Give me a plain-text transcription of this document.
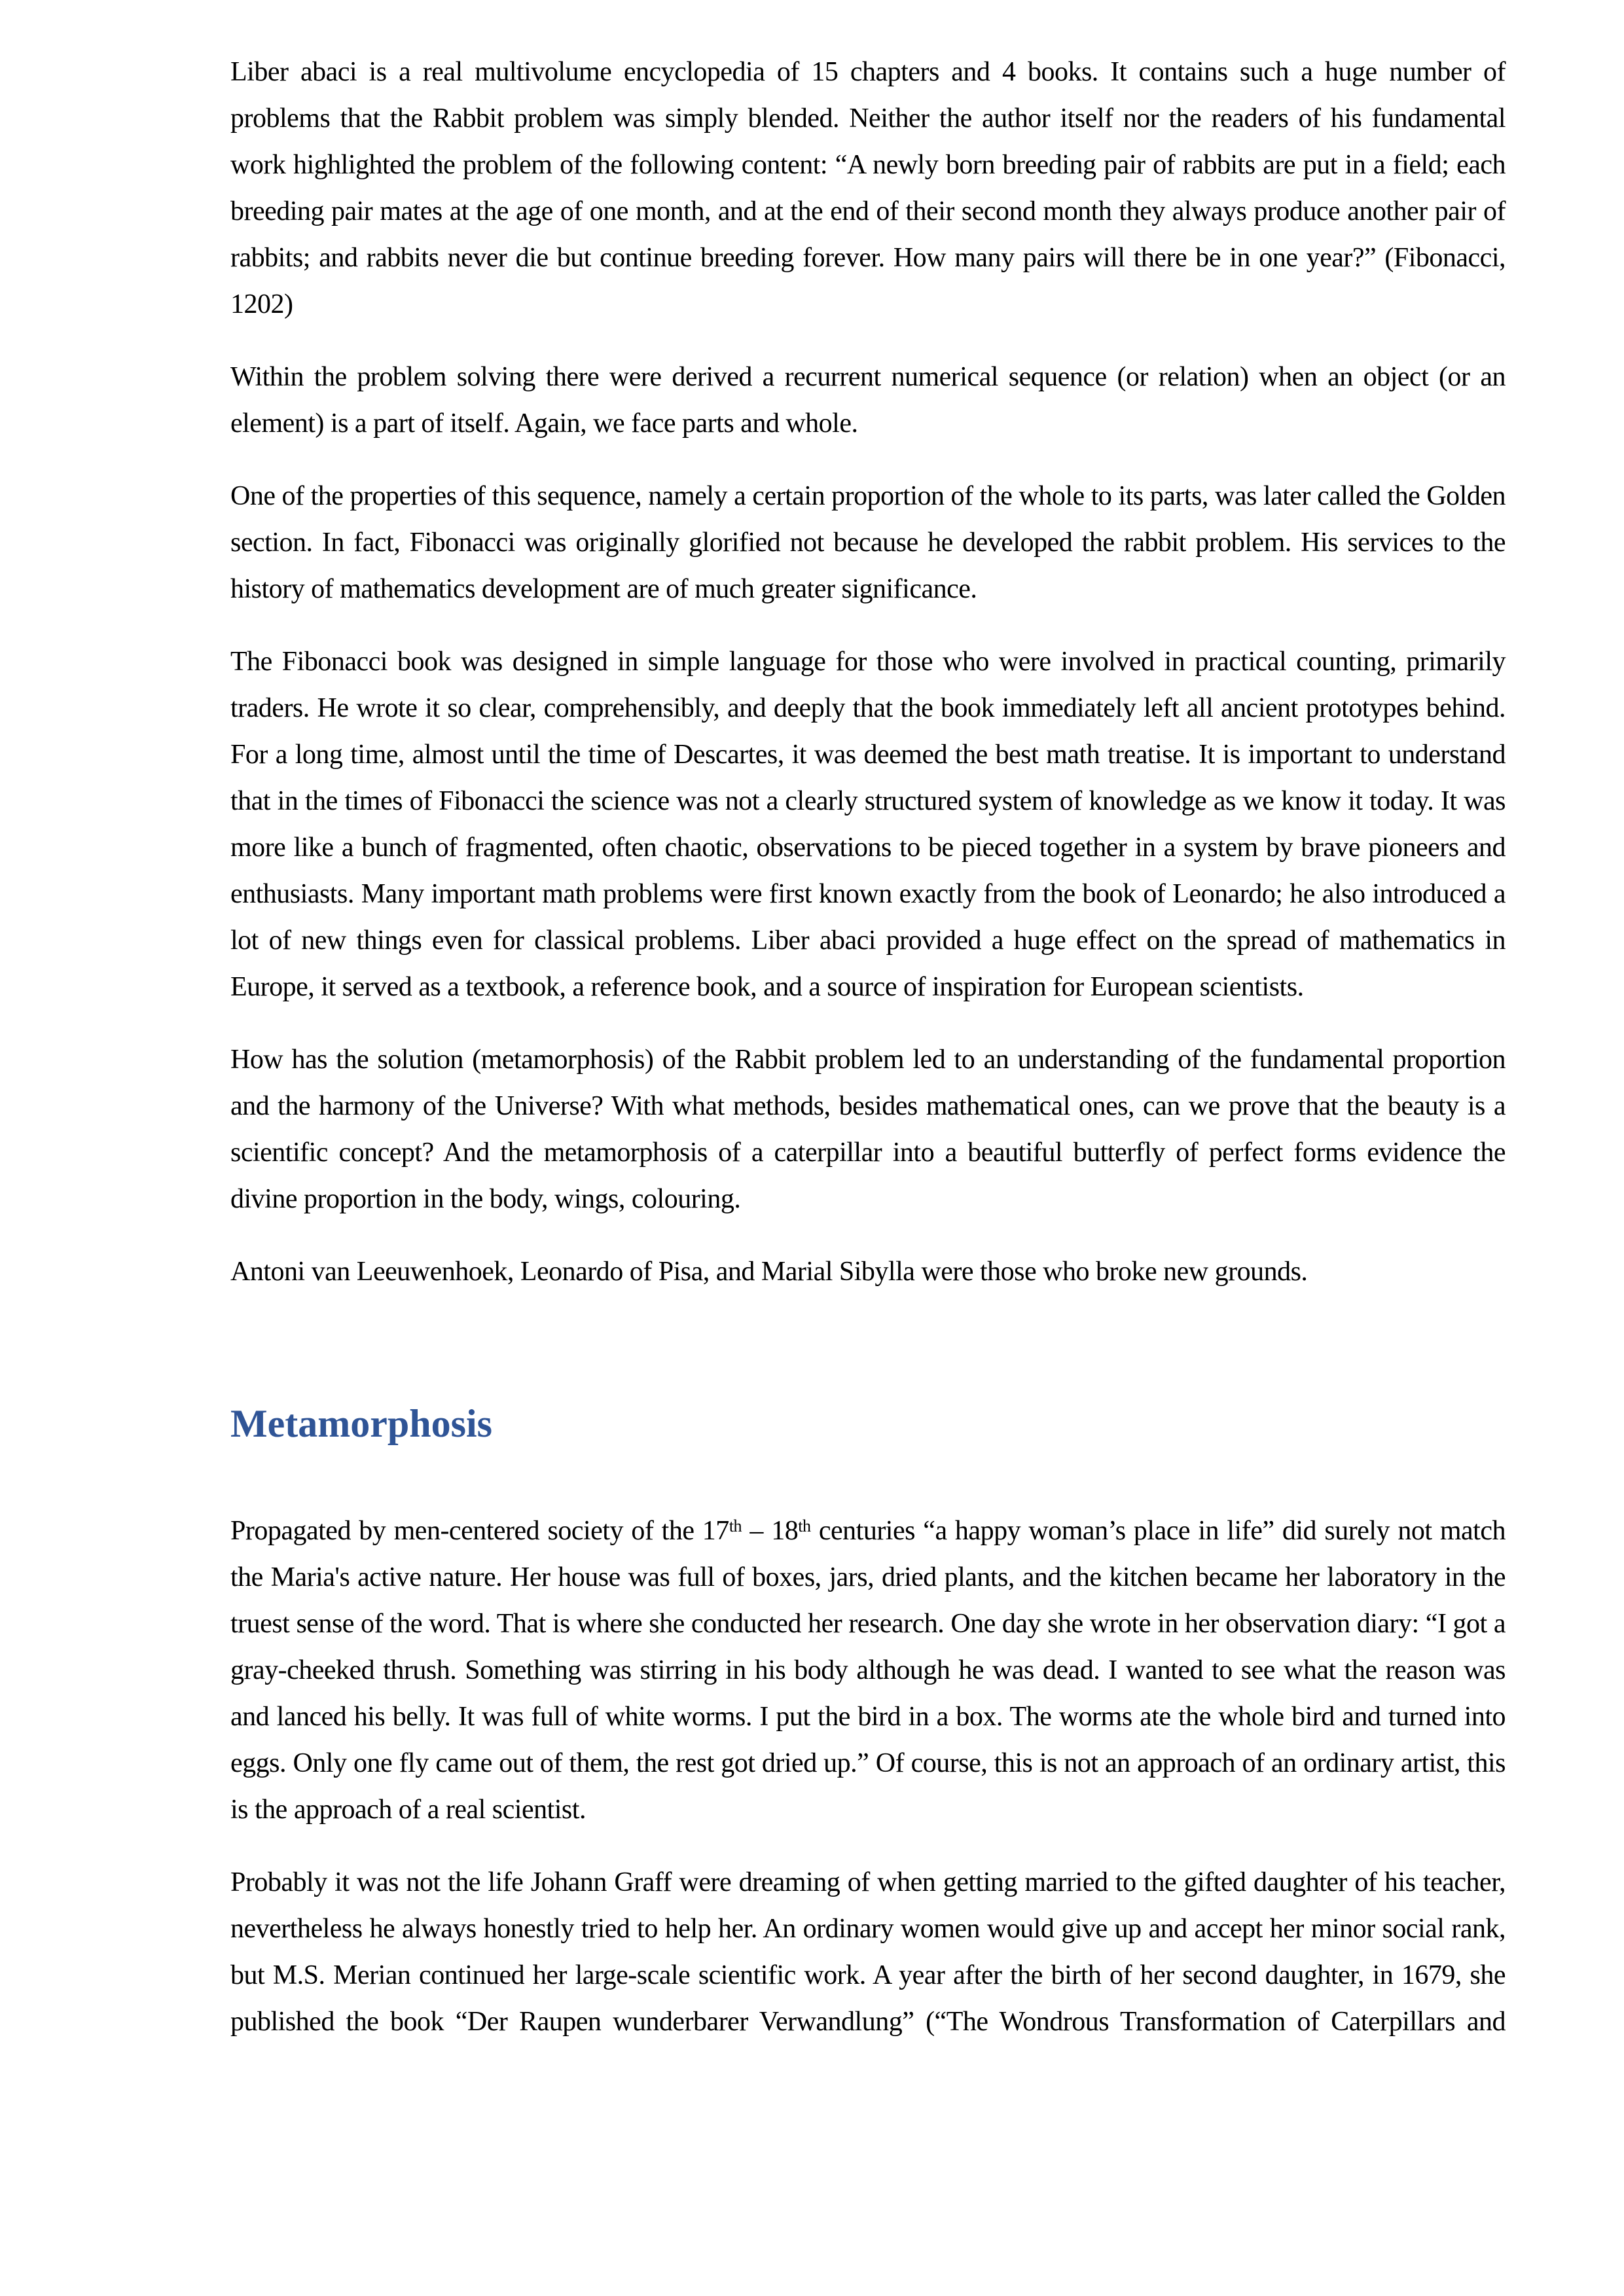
Liber abaci is a real multivolume encyclopedia of 15 chapters and 4 books. It contains such a huge number of problems that the Rabbit problem was simply blended. Neither the author itself nor the readers of his fundamental work highlighted the problem of the following content: “A newly born breeding pair of rabbits are put in a field; each breeding pair mates at the age of one month, and at the end of their second month they always produce another pair of rabbits; and rabbits never die but continue breeding forever. How many pairs will there be in one year?” (Fibonacci, 1202)

Within the problem solving there were derived a recurrent numerical sequence (or relation) when an object (or an element) is a part of itself. Again, we face parts and whole.

One of the properties of this sequence, namely a certain proportion of the whole to its parts, was later called the Golden section. In fact, Fibonacci was originally glorified not because he developed the rabbit problem. His services to the history of mathematics development are of much greater significance.

The Fibonacci book was designed in simple language for those who were involved in practical counting, primarily traders. He wrote it so clear, comprehensibly, and deeply that the book immediately left all ancient prototypes behind. For a long time, almost until the time of Descartes, it was deemed the best math treatise. It is important to understand that in the times of Fibonacci the science was not a clearly structured system of knowledge as we know it today. It was more like a bunch of fragmented, often chaotic, observations to be pieced together in a system by brave pioneers and enthusiasts. Many important math problems were first known exactly from the book of Leonardo; he also introduced a lot of new things even for classical problems. Liber abaci provided a huge effect on the spread of mathematics in Europe, it served as a textbook, a reference book, and a source of inspiration for European scientists.

How has the solution (metamorphosis) of the Rabbit problem led to an understanding of the fundamental proportion and the harmony of the Universe? With what methods, besides mathematical ones, can we prove that the beauty is a scientific concept? And the metamorphosis of a caterpillar into a beautiful butterfly of perfect forms evidence the divine proportion in the body, wings, colouring.

Antoni van Leeuwenhoek, Leonardo of Pisa, and Marial Sibylla were those who broke new grounds.

Metamorphosis

Propagated by men-centered society of the 17th – 18th centuries “a happy woman’s place in life” did surely not match the Maria's active nature. Her house was full of boxes, jars, dried plants, and the kitchen became her laboratory in the truest sense of the word. That is where she conducted her research. One day she wrote in her observation diary: “I got a gray-cheeked thrush. Something was stirring in his body although he was dead. I wanted to see what the reason was and lanced his belly. It was full of white worms. I put the bird in a box. The worms ate the whole bird and turned into eggs. Only one fly came out of them, the rest got dried up.” Of course, this is not an approach of an ordinary artist, this is the approach of a real scientist.

Probably it was not the life Johann Graff were dreaming of when getting married to the gifted daughter of his teacher, nevertheless he always honestly tried to help her. An ordinary women would give up and accept her minor social rank, but M.S. Merian continued her large-scale scientific work. A year after the birth of her second daughter, in 1679, she published the book “Der Raupen wunderbarer Verwandlung” (“The Wondrous Transformation of Caterpillars and
